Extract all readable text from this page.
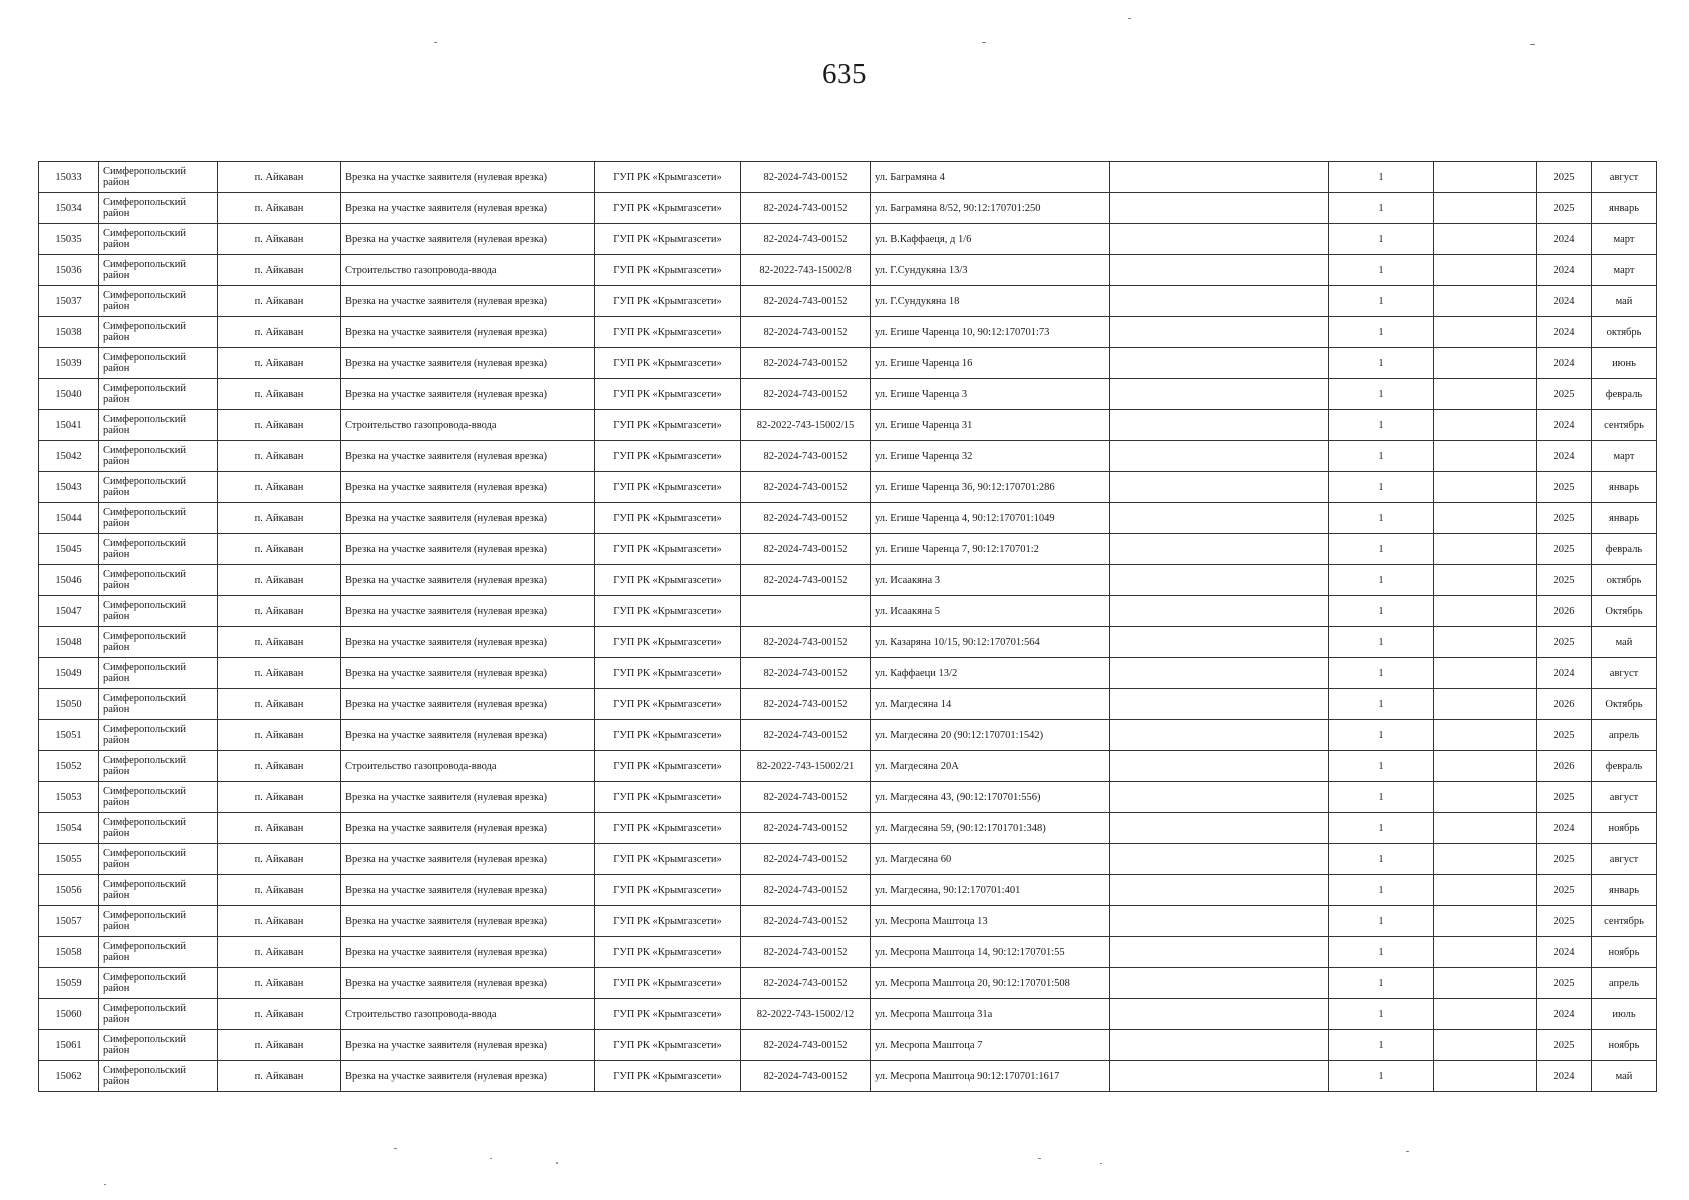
635
15033	Симферопольский район	п. Айкаван	Врезка на участке заявителя (нулевая врезка)	ГУП РК «Крымгазсети»	82-2024-743-00152	ул. Баграмяна 4		1		2025	август
15034	Симферопольский район	п. Айкаван	Врезка на участке заявителя (нулевая врезка)	ГУП РК «Крымгазсети»	82-2024-743-00152	ул. Баграмяна 8/52, 90:12:170701:250		1		2025	январь
15035	Симферопольский район	п. Айкаван	Врезка на участке заявителя (нулевая врезка)	ГУП РК «Крымгазсети»	82-2024-743-00152	ул. В.Каффаеця, д 1/6		1		2024	март
15036	Симферопольский район	п. Айкаван	Строительство газопровода-ввода	ГУП РК «Крымгазсети»	82-2022-743-15002/8	ул. Г.Сундукяна 13/3		1		2024	март
15037	Симферопольский район	п. Айкаван	Врезка на участке заявителя (нулевая врезка)	ГУП РК «Крымгазсети»	82-2024-743-00152	ул. Г.Сундукяна 18		1		2024	май
15038	Симферопольский район	п. Айкаван	Врезка на участке заявителя (нулевая врезка)	ГУП РК «Крымгазсети»	82-2024-743-00152	ул. Егише Чаренца 10, 90:12:170701:73		1		2024	октябрь
15039	Симферопольский район	п. Айкаван	Врезка на участке заявителя (нулевая врезка)	ГУП РК «Крымгазсети»	82-2024-743-00152	ул. Егише Чаренца 16		1		2024	июнь
15040	Симферопольский район	п. Айкаван	Врезка на участке заявителя (нулевая врезка)	ГУП РК «Крымгазсети»	82-2024-743-00152	ул. Егише Чаренца 3		1		2025	февраль
15041	Симферопольский район	п. Айкаван	Строительство газопровода-ввода	ГУП РК «Крымгазсети»	82-2022-743-15002/15	ул. Егише Чаренца 31		1		2024	сентябрь
15042	Симферопольский район	п. Айкаван	Врезка на участке заявителя (нулевая врезка)	ГУП РК «Крымгазсети»	82-2024-743-00152	ул. Егише Чаренца 32		1		2024	март
15043	Симферопольский район	п. Айкаван	Врезка на участке заявителя (нулевая врезка)	ГУП РК «Крымгазсети»	82-2024-743-00152	ул. Егише Чаренца 36, 90:12:170701:286		1		2025	январь
15044	Симферопольский район	п. Айкаван	Врезка на участке заявителя (нулевая врезка)	ГУП РК «Крымгазсети»	82-2024-743-00152	ул. Егише Чаренца 4, 90:12:170701:1049		1		2025	январь
15045	Симферопольский район	п. Айкаван	Врезка на участке заявителя (нулевая врезка)	ГУП РК «Крымгазсети»	82-2024-743-00152	ул. Егише Чаренца 7, 90:12:170701:2		1		2025	февраль
15046	Симферопольский район	п. Айкаван	Врезка на участке заявителя (нулевая врезка)	ГУП РК «Крымгазсети»	82-2024-743-00152	ул. Исаакяна 3		1		2025	октябрь
15047	Симферопольский район	п. Айкаван	Врезка на участке заявителя (нулевая врезка)	ГУП РК «Крымгазсети»		ул. Исаакяна 5		1		2026	Октябрь
15048	Симферопольский район	п. Айкаван	Врезка на участке заявителя (нулевая врезка)	ГУП РК «Крымгазсети»	82-2024-743-00152	ул. Казаряна 10/15, 90:12:170701:564		1		2025	май
15049	Симферопольский район	п. Айкаван	Врезка на участке заявителя (нулевая врезка)	ГУП РК «Крымгазсети»	82-2024-743-00152	ул. Каффаеци 13/2		1		2024	август
15050	Симферопольский район	п. Айкаван	Врезка на участке заявителя (нулевая врезка)	ГУП РК «Крымгазсети»	82-2024-743-00152	ул. Магдесяна 14		1		2026	Октябрь
15051	Симферопольский район	п. Айкаван	Врезка на участке заявителя (нулевая врезка)	ГУП РК «Крымгазсети»	82-2024-743-00152	ул. Магдесяна 20 (90:12:170701:1542)		1		2025	апрель
15052	Симферопольский район	п. Айкаван	Строительство газопровода-ввода	ГУП РК «Крымгазсети»	82-2022-743-15002/21	ул. Магдесяна 20А		1		2026	февраль
15053	Симферопольский район	п. Айкаван	Врезка на участке заявителя (нулевая врезка)	ГУП РК «Крымгазсети»	82-2024-743-00152	ул. Магдесяна 43, (90:12:170701:556)		1		2025	август
15054	Симферопольский район	п. Айкаван	Врезка на участке заявителя (нулевая врезка)	ГУП РК «Крымгазсети»	82-2024-743-00152	ул. Магдесяна 59, (90:12:1701701:348)		1		2024	ноябрь
15055	Симферопольский район	п. Айкаван	Врезка на участке заявителя (нулевая врезка)	ГУП РК «Крымгазсети»	82-2024-743-00152	ул. Магдесяна 60		1		2025	август
15056	Симферопольский район	п. Айкаван	Врезка на участке заявителя (нулевая врезка)	ГУП РК «Крымгазсети»	82-2024-743-00152	ул. Магдесяна, 90:12:170701:401		1		2025	январь
15057	Симферопольский район	п. Айкаван	Врезка на участке заявителя (нулевая врезка)	ГУП РК «Крымгазсети»	82-2024-743-00152	ул. Месропа Маштоца 13		1		2025	сентябрь
15058	Симферопольский район	п. Айкаван	Врезка на участке заявителя (нулевая врезка)	ГУП РК «Крымгазсети»	82-2024-743-00152	ул. Месропа Маштоца 14, 90:12:170701:55		1		2024	ноябрь
15059	Симферопольский район	п. Айкаван	Врезка на участке заявителя (нулевая врезка)	ГУП РК «Крымгазсети»	82-2024-743-00152	ул. Месропа Маштоца 20, 90:12:170701:508		1		2025	апрель
15060	Симферопольский район	п. Айкаван	Строительство газопровода-ввода	ГУП РК «Крымгазсети»	82-2022-743-15002/12	ул. Месропа Маштоца 31а		1		2024	июль
15061	Симферопольский район	п. Айкаван	Врезка на участке заявителя (нулевая врезка)	ГУП РК «Крымгазсети»	82-2024-743-00152	ул. Месропа Маштоца 7		1		2025	ноябрь
15062	Симферопольский район	п. Айкаван	Врезка на участке заявителя (нулевая врезка)	ГУП РК «Крымгазсети»	82-2024-743-00152	ул. Месропа Маштоца 90:12:170701:1617		1		2024	май
